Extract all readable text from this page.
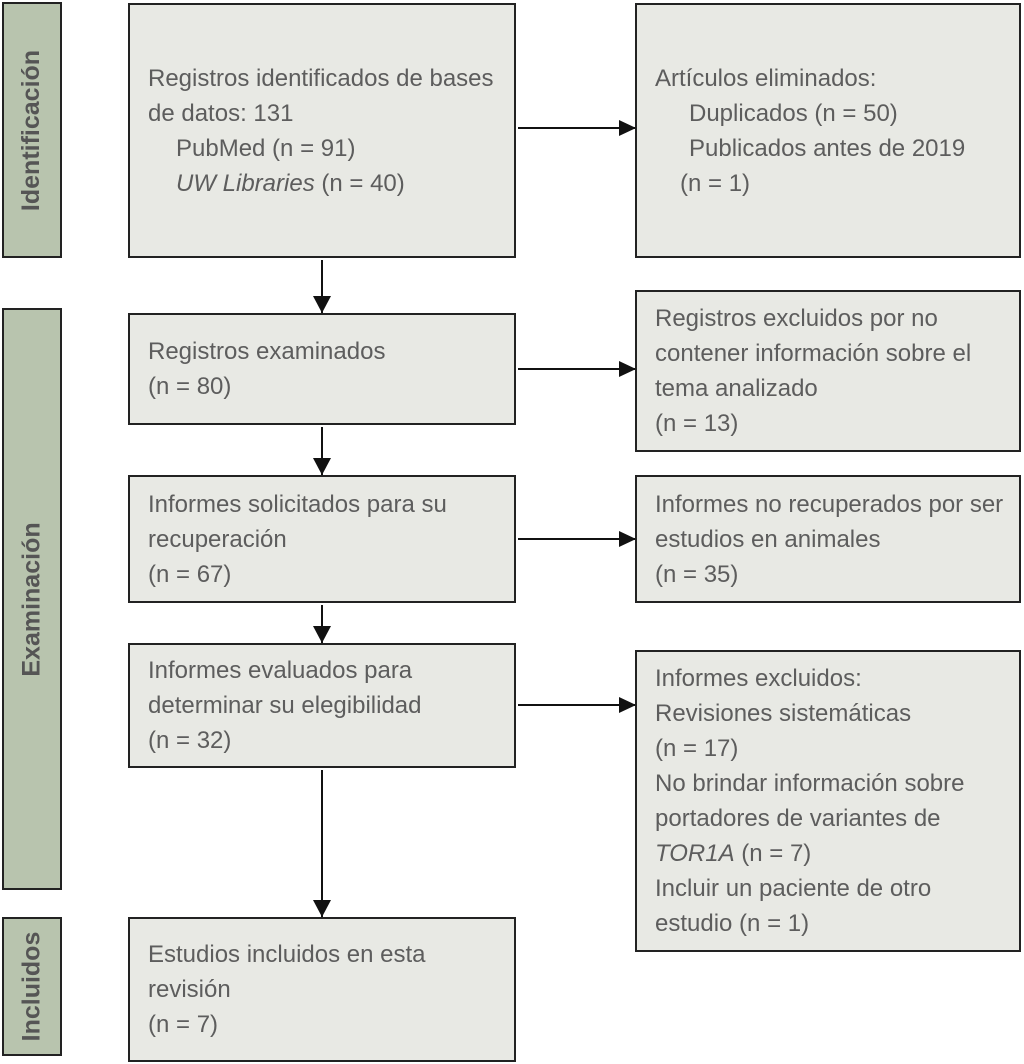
Identificación
Examinación
Incluidos
Registros identificados de bases
de datos: 131
PubMed (n = 91)
UW Libraries (n = 40)
Registros examinados
(n = 80)
Informes solicitados para su
recuperación
(n = 67)
Informes evaluados para
determinar su elegibilidad
(n = 32)
Estudios incluidos en esta
revisión
(n = 7)
Artículos eliminados:
Duplicados (n = 50)
Publicados antes de 2019
(n = 1)
Registros excluidos por no
contener información sobre el
tema analizado
(n = 13)
Informes no recuperados por ser
estudios en animales
(n = 35)
Informes excluidos:
Revisiones sistemáticas
(n = 17)
No brindar información sobre
portadores de variantes de
TOR1A (n = 7)
Incluir un paciente de otro
estudio (n = 1)
